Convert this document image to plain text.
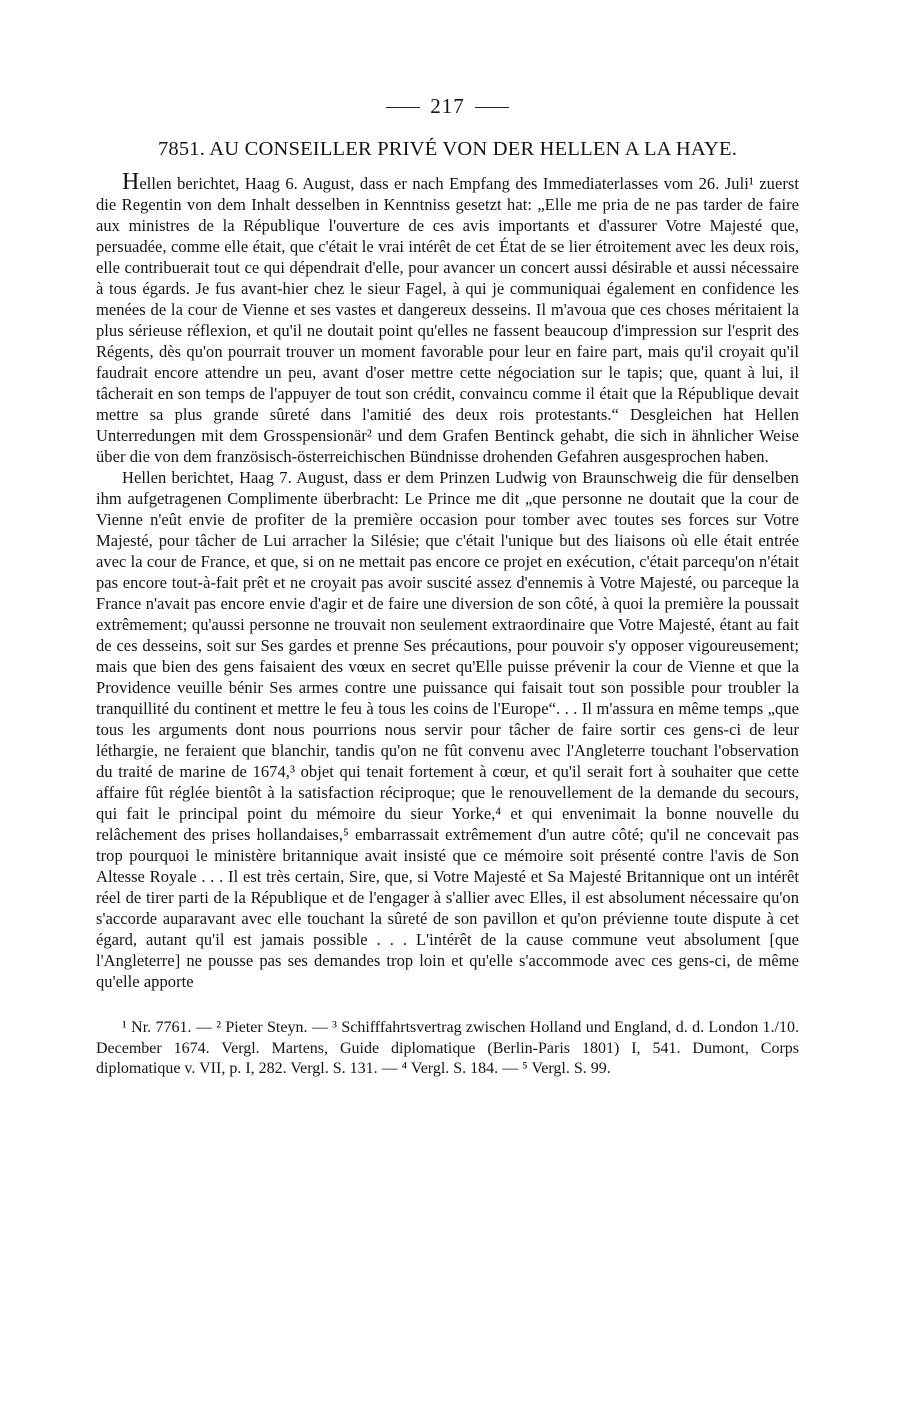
217
7851. AU CONSEILLER PRIVÉ VON DER HELLEN A LA HAYE.

Hellen berichtet, Haag 6. August, dass er nach Empfang des Immediaterlasses vom 26. Juli¹ zuerst die Regentin von dem Inhalt desselben in Kenntniss gesetzt hat: „Elle me pria de ne pas tarder de faire aux ministres de la République l'ouverture de ces avis importants et d'assurer Votre Majesté que, persuadée, comme elle était, que c'était le vrai intérêt de cet État de se lier étroitement avec les deux rois, elle contribuerait tout ce qui dépendrait d'elle, pour avancer un concert aussi désirable et aussi nécessaire à tous égards. Je fus avant-hier chez le sieur Fagel, à qui je communiquai également en confidence les menées de la cour de Vienne et ses vastes et dangereux desseins. Il m'avoua que ces choses méritaient la plus sérieuse réflexion, et qu'il ne doutait point qu'elles ne fassent beaucoup d'impression sur l'esprit des Régents, dès qu'on pourrait trouver un moment favorable pour leur en faire part, mais qu'il croyait qu'il faudrait encore attendre un peu, avant d'oser mettre cette négociation sur le tapis; que, quant à lui, il tâcherait en son temps de l'appuyer de tout son crédit, convaincu comme il était que la République devait mettre sa plus grande sûreté dans l'amitié des deux rois protestants.“ Desgleichen hat Hellen Unterredungen mit dem Grosspensionär² und dem Grafen Bentinck gehabt, die sich in ähnlicher Weise über die von dem französisch-österreichischen Bündnisse drohenden Gefahren ausgesprochen haben.

Hellen berichtet, Haag 7. August, dass er dem Prinzen Ludwig von Braunschweig die für denselben ihm aufgetragenen Complimente überbracht: Le Prince me dit „que personne ne doutait que la cour de Vienne n'eût envie de profiter de la première occasion pour tomber avec toutes ses forces sur Votre Majesté, pour tâcher de Lui arracher la Silésie; que c'était l'unique but des liaisons où elle était entrée avec la cour de France, et que, si on ne mettait pas encore ce projet en exécution, c'était parcequ'on n'était pas encore tout-à-fait prêt et ne croyait pas avoir suscité assez d'ennemis à Votre Majesté, ou parceque la France n'avait pas encore envie d'agir et de faire une diversion de son côté, à quoi la première la poussait extrêmement; qu'aussi personne ne trouvait non seulement extraordinaire que Votre Majesté, étant au fait de ces desseins, soit sur Ses gardes et prenne Ses précautions, pour pouvoir s'y opposer vigoureusement; mais que bien des gens faisaient des vœux en secret qu'Elle puisse prévenir la cour de Vienne et que la Providence veuille bénir Ses armes contre une puissance qui faisait tout son possible pour troubler la tranquillité du continent et mettre le feu à tous les coins de l'Europe“. . . Il m'assura en même temps „que tous les arguments dont nous pourrions nous servir pour tâcher de faire sortir ces gens-ci de leur léthargie, ne feraient que blanchir, tandis qu'on ne fût convenu avec l'Angleterre touchant l'observation du traité de marine de 1674,³ objet qui tenait fortement à cœur, et qu'il serait fort à souhaiter que cette affaire fût réglée bientôt à la satisfaction réciproque; que le renouvellement de la demande du secours, qui fait le principal point du mémoire du sieur Yorke,⁴ et qui envenimait la bonne nouvelle du relâchement des prises hollandaises,⁵ embarrassait extrêmement d'un autre côté; qu'il ne concevait pas trop pourquoi le ministère britannique avait insisté que ce mémoire soit présenté contre l'avis de Son Altesse Royale . . . Il est très certain, Sire, que, si Votre Majesté et Sa Majesté Britannique ont un intérêt réel de tirer parti de la République et de l'engager à s'allier avec Elles, il est absolument nécessaire qu'on s'accorde auparavant avec elle touchant la sûreté de son pavillon et qu'on prévienne toute dispute à cet égard, autant qu'il est jamais possible . . . L'intérêt de la cause commune veut absolument [que l'Angleterre] ne pousse pas ses demandes trop loin et qu'elle s'accommode avec ces gens-ci, de même qu'elle apporte

¹ Nr. 7761. — ² Pieter Steyn. — ³ Schifffahrtsvertrag zwischen Holland und England, d. d. London 1./10. December 1674. Vergl. Martens, Guide diplomatique (Berlin-Paris 1801) I, 541. Dumont, Corps diplomatique v. VII, p. I, 282. Vergl. S. 131. — ⁴ Vergl. S. 184. — ⁵ Vergl. S. 99.
